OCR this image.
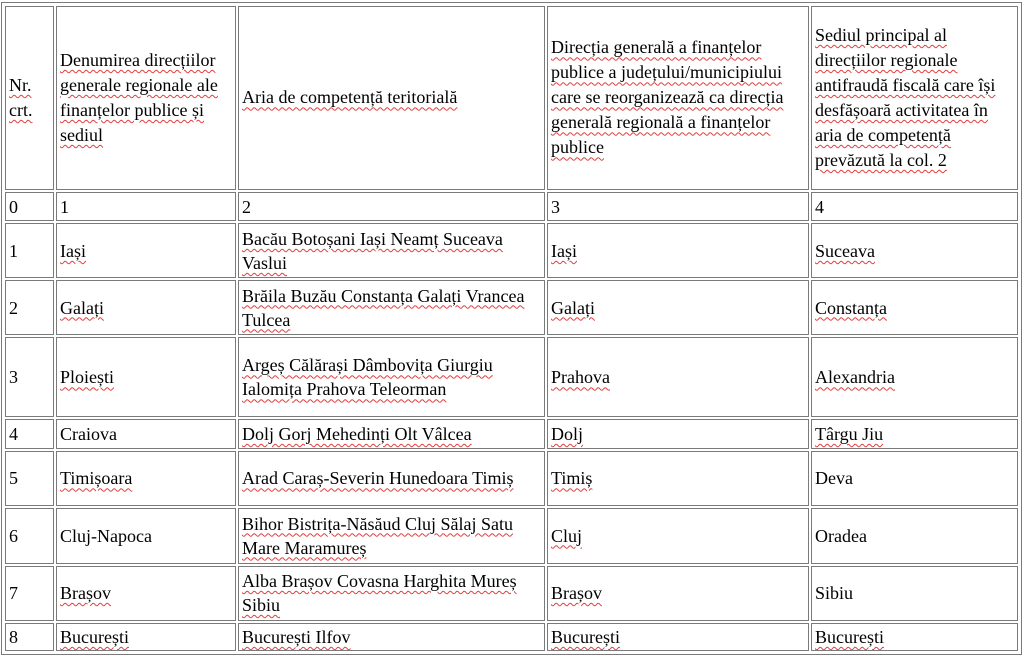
Nr. crt.	Denumirea direcțiilor generale regionale ale finanțelor publice și sediul	Aria de competență teritorială	Direcția generală a finanțelor publice a județului/municipiului care se reorganizează ca direcția generală regională a finanțelor publice	Sediul principal al direcțiilor regionale antifraudă fiscală care își desfășoară activitatea în aria de competență prevăzută la col. 2
0	1	2	3	4
1	Iași	Bacău Botoșani Iași Neamț Suceava Vaslui	Iași	Suceava
2	Galați	Brăila Buzău Constanța Galați Vrancea Tulcea	Galați	Constanța
3	Ploiești	Argeș Călărași Dâmbovița Giurgiu Ialomița Prahova Teleorman	Prahova	Alexandria
4	Craiova	Dolj Gorj Mehedinți Olt Vâlcea	Dolj	Târgu Jiu
5	Timișoara	Arad Caraș-Severin Hunedoara Timiș	Timiș	Deva
6	Cluj-Napoca	Bihor Bistrița-Năsăud Cluj Sălaj Satu Mare Maramureș	Cluj	Oradea
7	Brașov	Alba Brașov Covasna Harghita Mureș Sibiu	Brașov	Sibiu
8	București	București Ilfov	București	București
